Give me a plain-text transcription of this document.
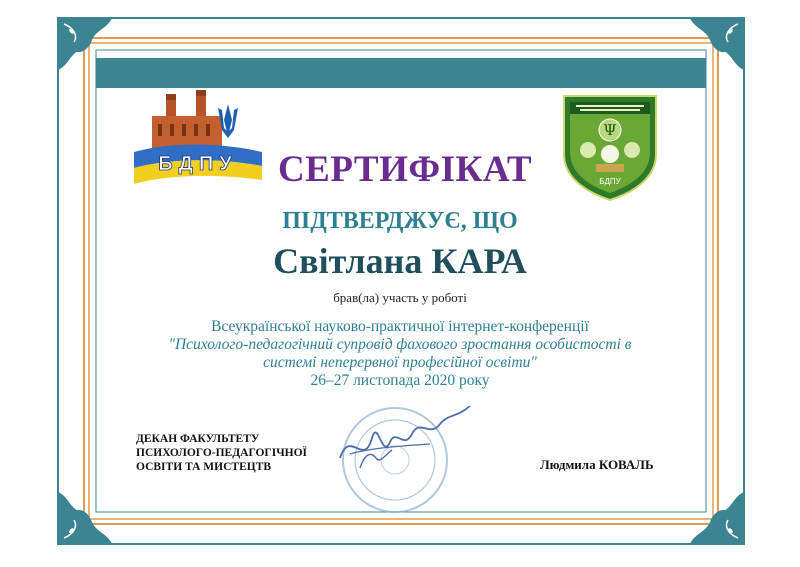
БДПУ
Ψ
БДПУ
СЕРТИФІКАТ
ПІДТВЕРДЖУЄ, ЩО
Світлана КАРА
брав(ла) участь у роботі
Всеукраїнської науково-практичної інтернет-конференції
"Психолого-педагогічний супровід фахового зростання особистості в
системі неперервної професійної освіти"
26–27 листопада 2020 року
ДЕКАН ФАКУЛЬТЕТУ
ПСИХОЛОГО-ПЕДАГОГІЧНОЇ
ОСВІТИ ТА МИСТЕЦТВ	Людмила КОВАЛЬ
